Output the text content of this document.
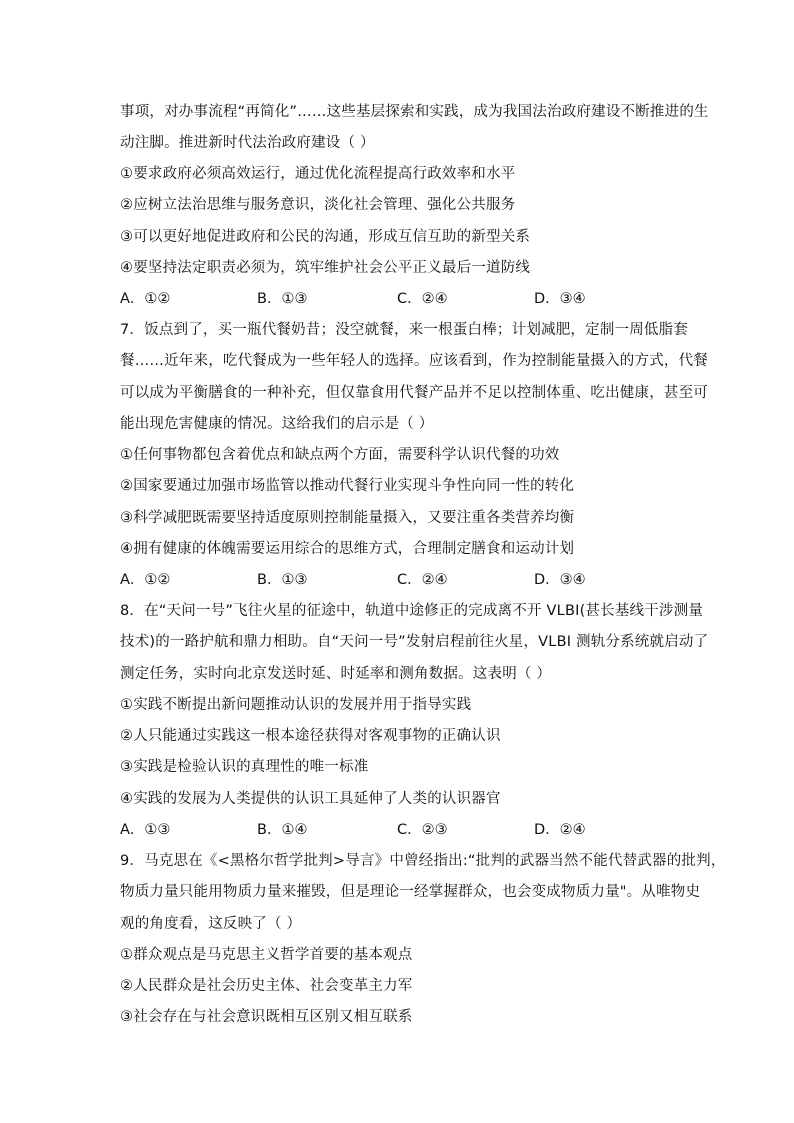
事项，对办事流程“再简化”……这些基层探索和实践，成为我国法治政府建设不断推进的生
动注脚。推进新时代法治政府建设（ ）
①要求政府必须高效运行，通过优化流程提高行政效率和水平
②应树立法治思维与服务意识，淡化社会管理、强化公共服务
③可以更好地促进政府和公民的沟通，形成互信互助的新型关系
④要坚持法定职责必须为，筑牢维护社会公平正义最后一道防线
A．①②	B．①③	C．②④	D．③④
7．饭点到了，买一瓶代餐奶昔；没空就餐，来一根蛋白棒；计划减肥，定制一周低脂套
餐……近年来，吃代餐成为一些年轻人的选择。应该看到，作为控制能量摄入的方式，代餐
可以成为平衡膳食的一种补充，但仅靠食用代餐产品并不足以控制体重、吃出健康，甚至可
能出现危害健康的情况。这给我们的启示是（ ）
①任何事物都包含着优点和缺点两个方面，需要科学认识代餐的功效
②国家要通过加强市场监管以推动代餐行业实现斗争性向同一性的转化
③科学减肥既需要坚持适度原则控制能量摄入，又要注重各类营养均衡
④拥有健康的体魄需要运用综合的思维方式，合理制定膳食和运动计划
A．①②	B．①③	C．②④	D．③④
8．在“天问一号”飞往火星的征途中，轨道中途修正的完成离不开 VLBI(甚长基线干涉测量
技术)的一路护航和鼎力相助。自“天问一号”发射启程前往火星，VLBI 测轨分系统就启动了
测定任务，实时向北京发送时延、时延率和测角数据。这表明（ ）
①实践不断提出新问题推动认识的发展并用于指导实践
②人只能通过实践这一根本途径获得对客观事物的正确认识
③实践是检验认识的真理性的唯一标准
④实践的发展为人类提供的认识工具延伸了人类的认识器官
A．①③	B．①④	C．②③	D．②④
9．马克思在《<黑格尔哲学批判>导言》中曾经指出:“批判的武器当然不能代替武器的批判，
物质力量只能用物质力量来摧毁，但是理论一经掌握群众，也会变成物质力量"。从唯物史
观的角度看，这反映了（ ）
①群众观点是马克思主义哲学首要的基本观点
②人民群众是社会历史主体、社会变革主力军
③社会存在与社会意识既相互区别又相互联系
